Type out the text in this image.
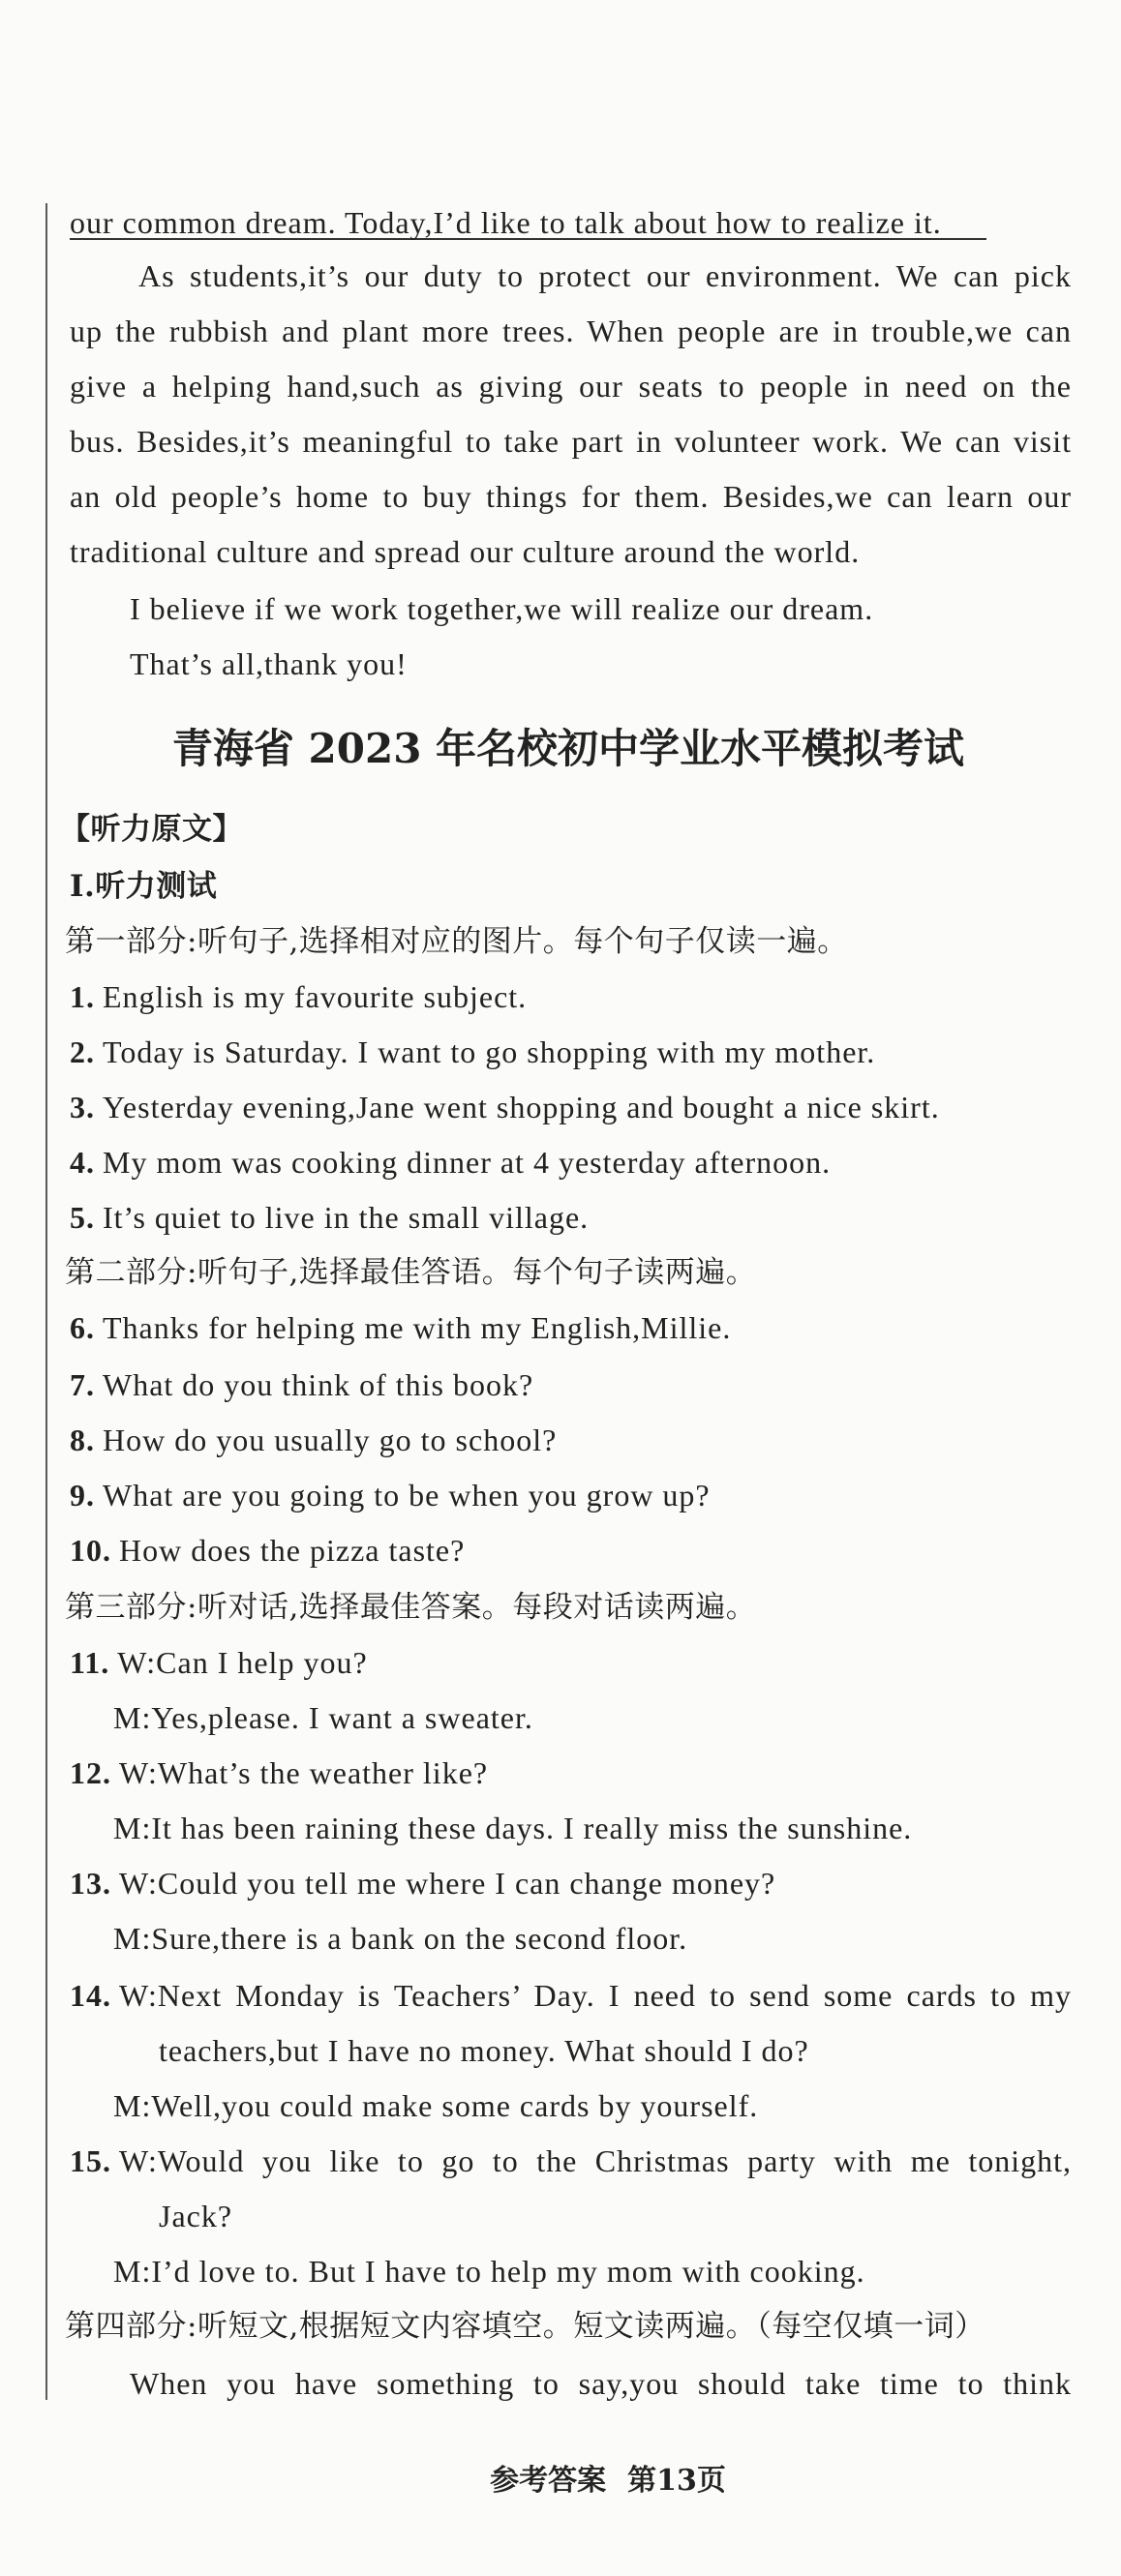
our common dream. Today,I’d like to talk about how to realize it.
As students,it’s our duty to protect our environment. We can pick
up the rubbish and plant more trees. When people are in trouble,we can
give a helping hand,such as giving our seats to people in need on the
bus. Besides,it’s meaningful to take part in volunteer work. We can visit
an old people’s home to buy things for them. Besides,we can learn our
traditional culture and spread our culture around the world.
I believe if we work together,we will realize our dream.
That’s all,thank you!
青海省 2023 年名校初中学业水平模拟考试
【听力原文】
Ⅰ.听力测试
第一部分:听句子,选择相对应的图片。每个句子仅读一遍。
1. English is my favourite subject.
2. Today is Saturday. I want to go shopping with my mother.
3. Yesterday evening,Jane went shopping and bought a nice skirt.
4. My mom was cooking dinner at 4 yesterday afternoon.
5. It’s quiet to live in the small village.
第二部分:听句子,选择最佳答语。每个句子读两遍。
6. Thanks for helping me with my English,Millie.
7. What do you think of this book?
8. How do you usually go to school?
9. What are you going to be when you grow up?
10. How does the pizza taste?
第三部分:听对话,选择最佳答案。每段对话读两遍。
11. W:Can I help you?
M:Yes,please. I want a sweater.
12. W:What’s the weather like?
M:It has been raining these days. I really miss the sunshine.
13. W:Could you tell me where I can change money?
M:Sure,there is a bank on the second floor.
14. W:Next Monday is Teachers’ Day. I need to send some cards to my
teachers,but I have no money. What should I do?
M:Well,you could make some cards by yourself.
15. W:Would you like to go to the Christmas party with me tonight,
Jack?
M:I’d love to. But I have to help my mom with cooking.
第四部分:听短文,根据短文内容填空。短文读两遍。（每空仅填一词）
When you have something to say,you should take time to think
参考答案 第13页
